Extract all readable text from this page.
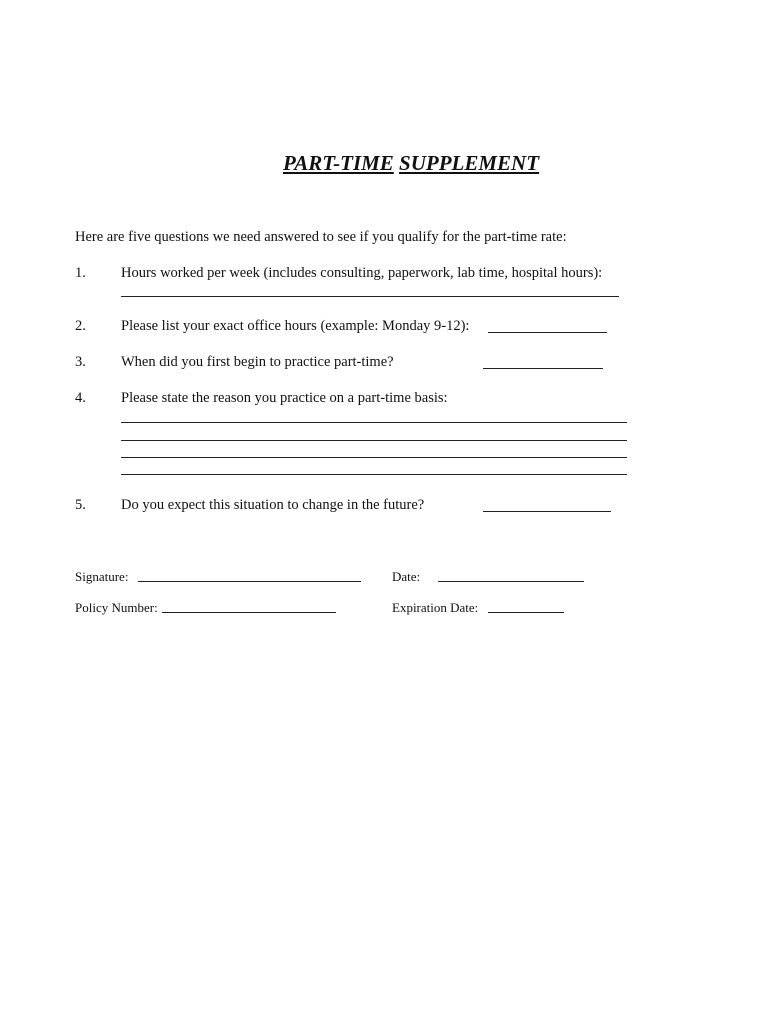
PART-TIME SUPPLEMENT
Here are five questions we need answered to see if you qualify for the part-time rate:
1. Hours worked per week (includes consulting, paperwork, lab time, hospital hours):
2. Please list your exact office hours (example: Monday 9-12):
3. When did you first begin to practice part-time?
4. Please state the reason you practice on a part-time basis:
5. Do you expect this situation to change in the future?
Signature:	Date:
Policy Number:	Expiration Date:
